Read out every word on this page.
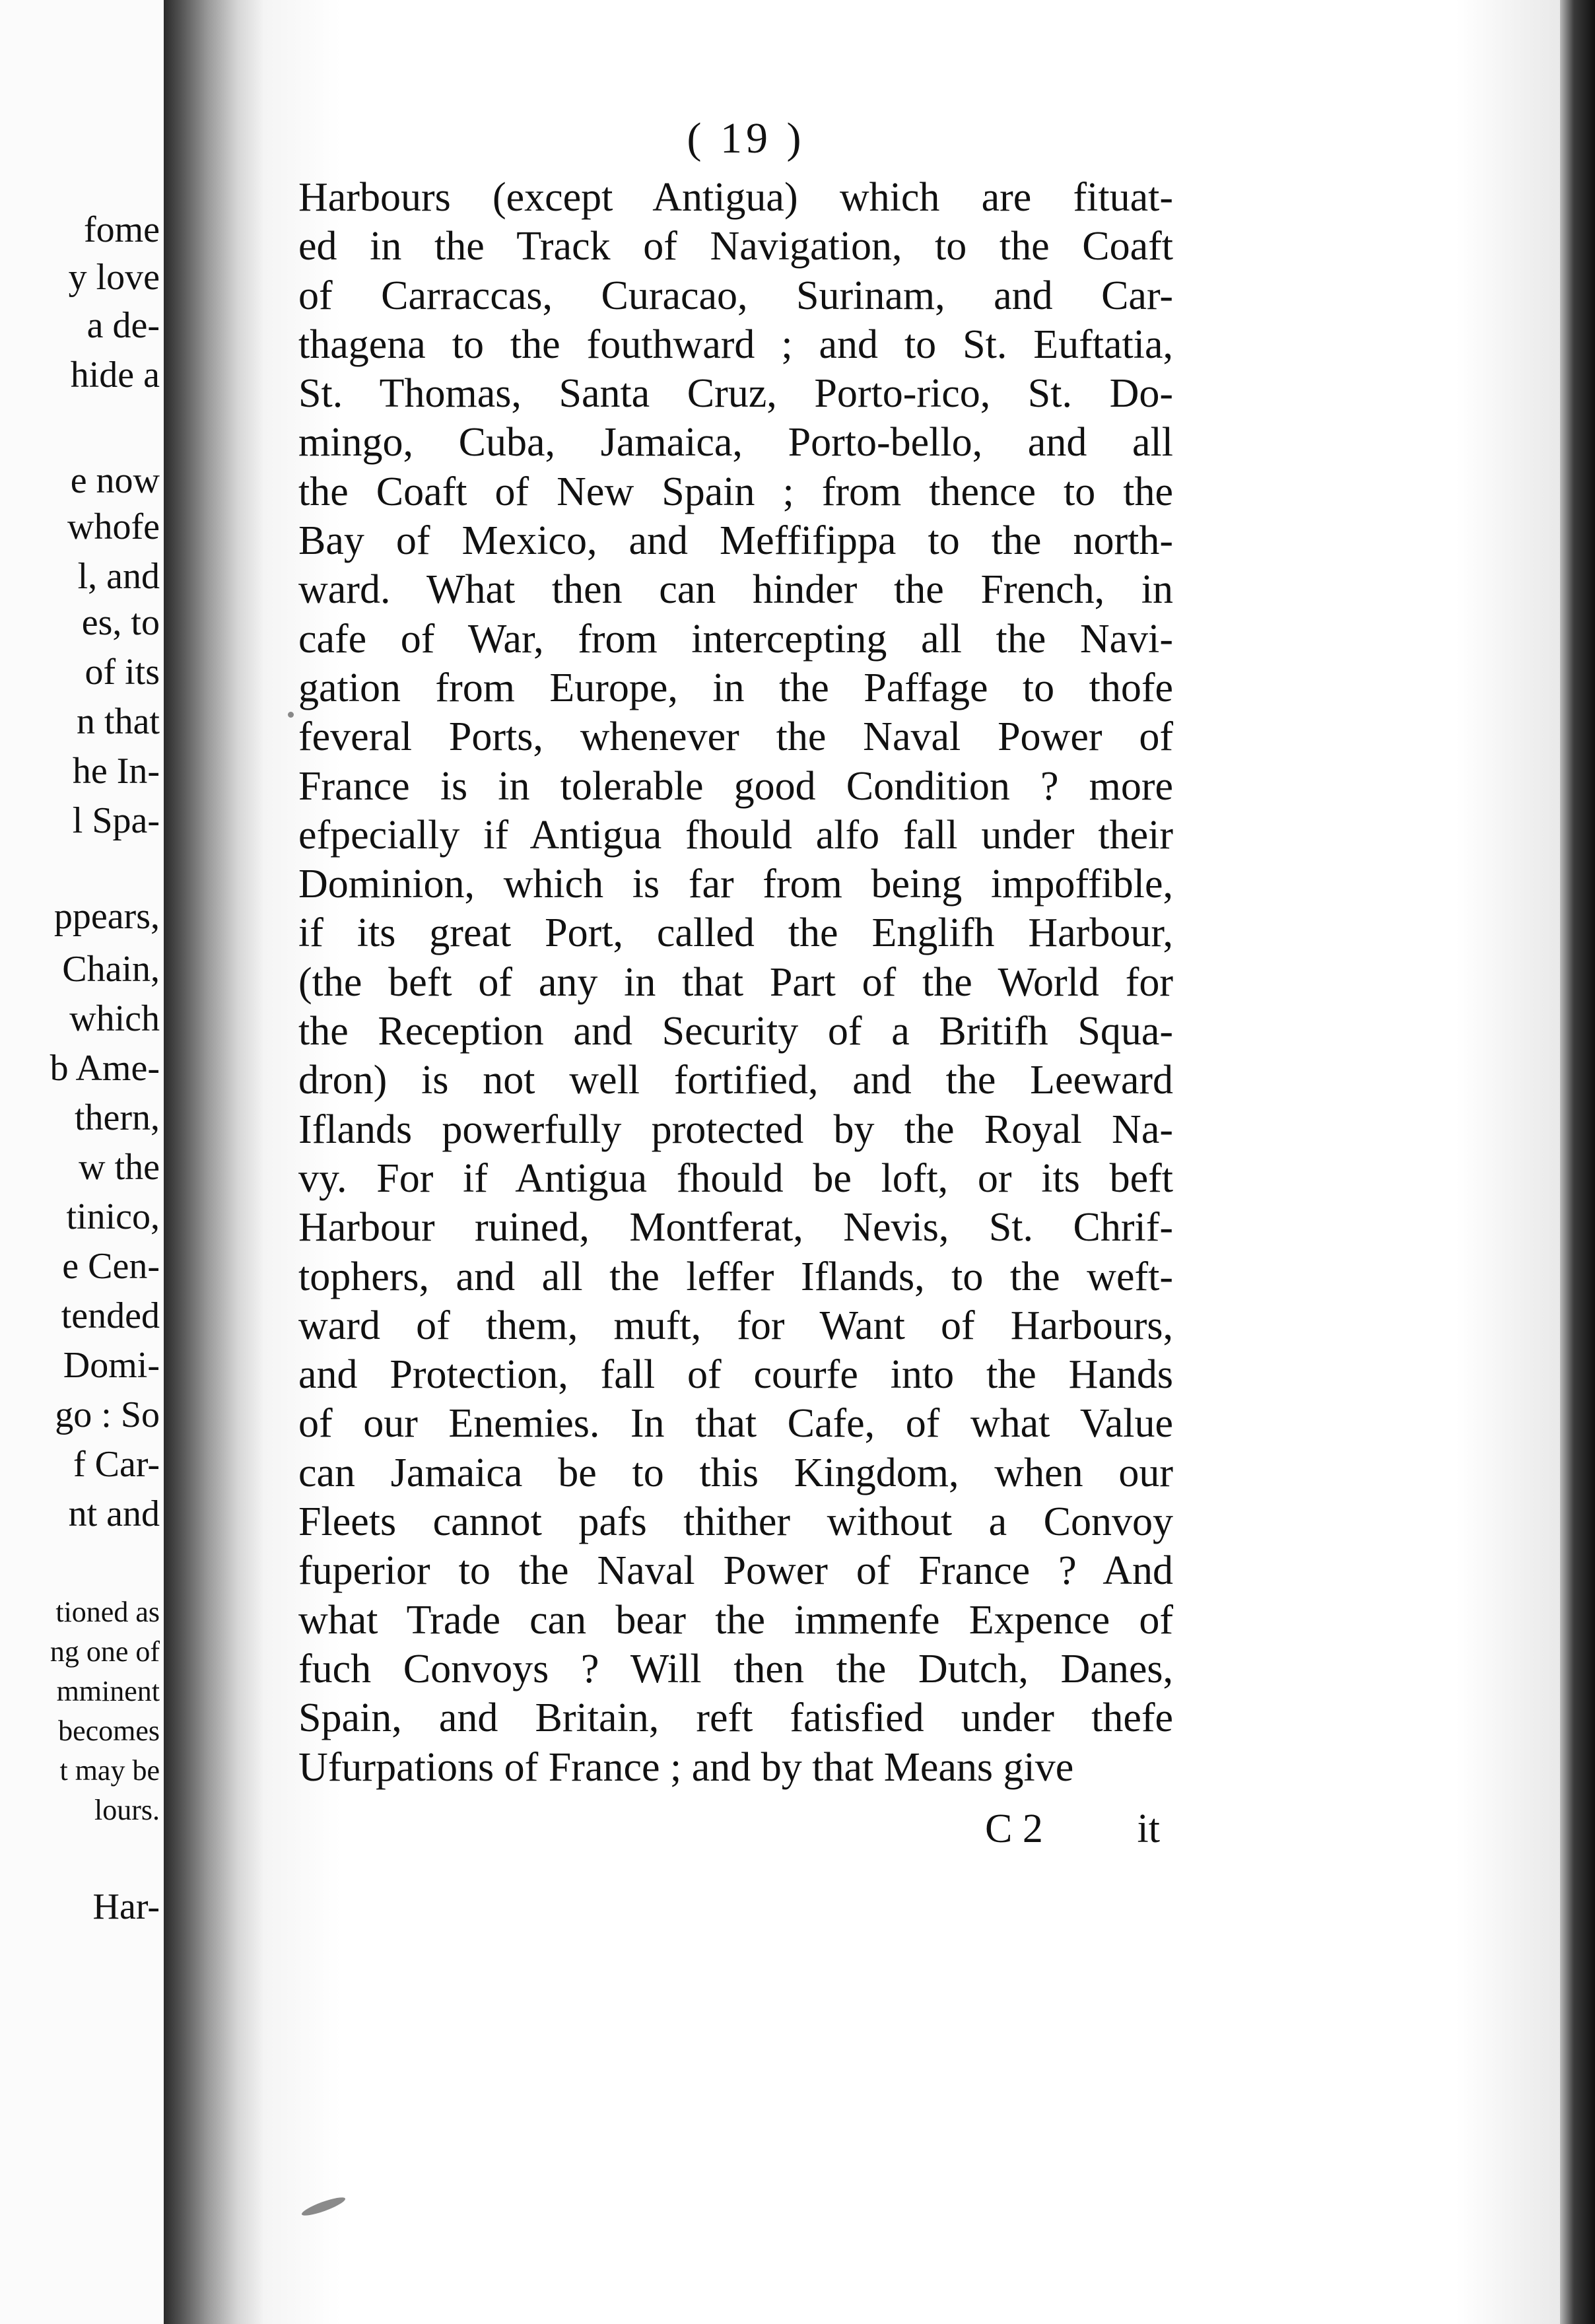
fome
y love
a de-
hide a
e now
whofe
l, and
es, to
of its
n that
he In-
l Spa-
ppears,
Chain,
which
b Ame-
thern,
w the
tinico,
e Cen-
tended
Domi-
go : So
f Car-
nt and
tioned as
ng one of
mminent
becomes
t may be
lours.
Har-
( 19 )
Harbours (except Antigua) which are fituat-
ed in the Track of Navigation, to the Coaft
of Carraccas, Curacao, Surinam, and Car-
thagena to the fouthward ; and to St. Euftatia,
St. Thomas, Santa Cruz, Porto-rico, St. Do-
mingo, Cuba, Jamaica, Porto-bello, and all
the Coaft of New Spain ; from thence to the
Bay of Mexico, and Meffifippa to the north-
ward. What then can hinder the French, in
cafe of War, from intercepting all the Navi-
gation from Europe, in the Paffage to thofe
feveral Ports, whenever the Naval Power of
France is in tolerable good Condition ? more
efpecially if Antigua fhould alfo fall under their
Dominion, which is far from being impoffible,
if its great Port, called the Englifh Harbour,
(the beft of any in that Part of the World for
the Reception and Security of a Britifh Squa-
dron) is not well fortified, and the Leeward
Iflands powerfully protected by the Royal Na-
vy. For if Antigua fhould be loft, or its beft
Harbour ruined, Montferat, Nevis, St. Chrif-
tophers, and all the leffer Iflands, to the weft-
ward of them, muft, for Want of Harbours,
and Protection, fall of courfe into the Hands
of our Enemies. In that Cafe, of what Value
can Jamaica be to this Kingdom, when our
Fleets cannot pafs thither without a Convoy
fuperior to the Naval Power of France ? And
what Trade can bear the immenfe Expence of
fuch Convoys ? Will then the Dutch, Danes,
Spain, and Britain, reft fatisfied under thefe
Ufurpations of France ; and by that Means give
C 2 it
